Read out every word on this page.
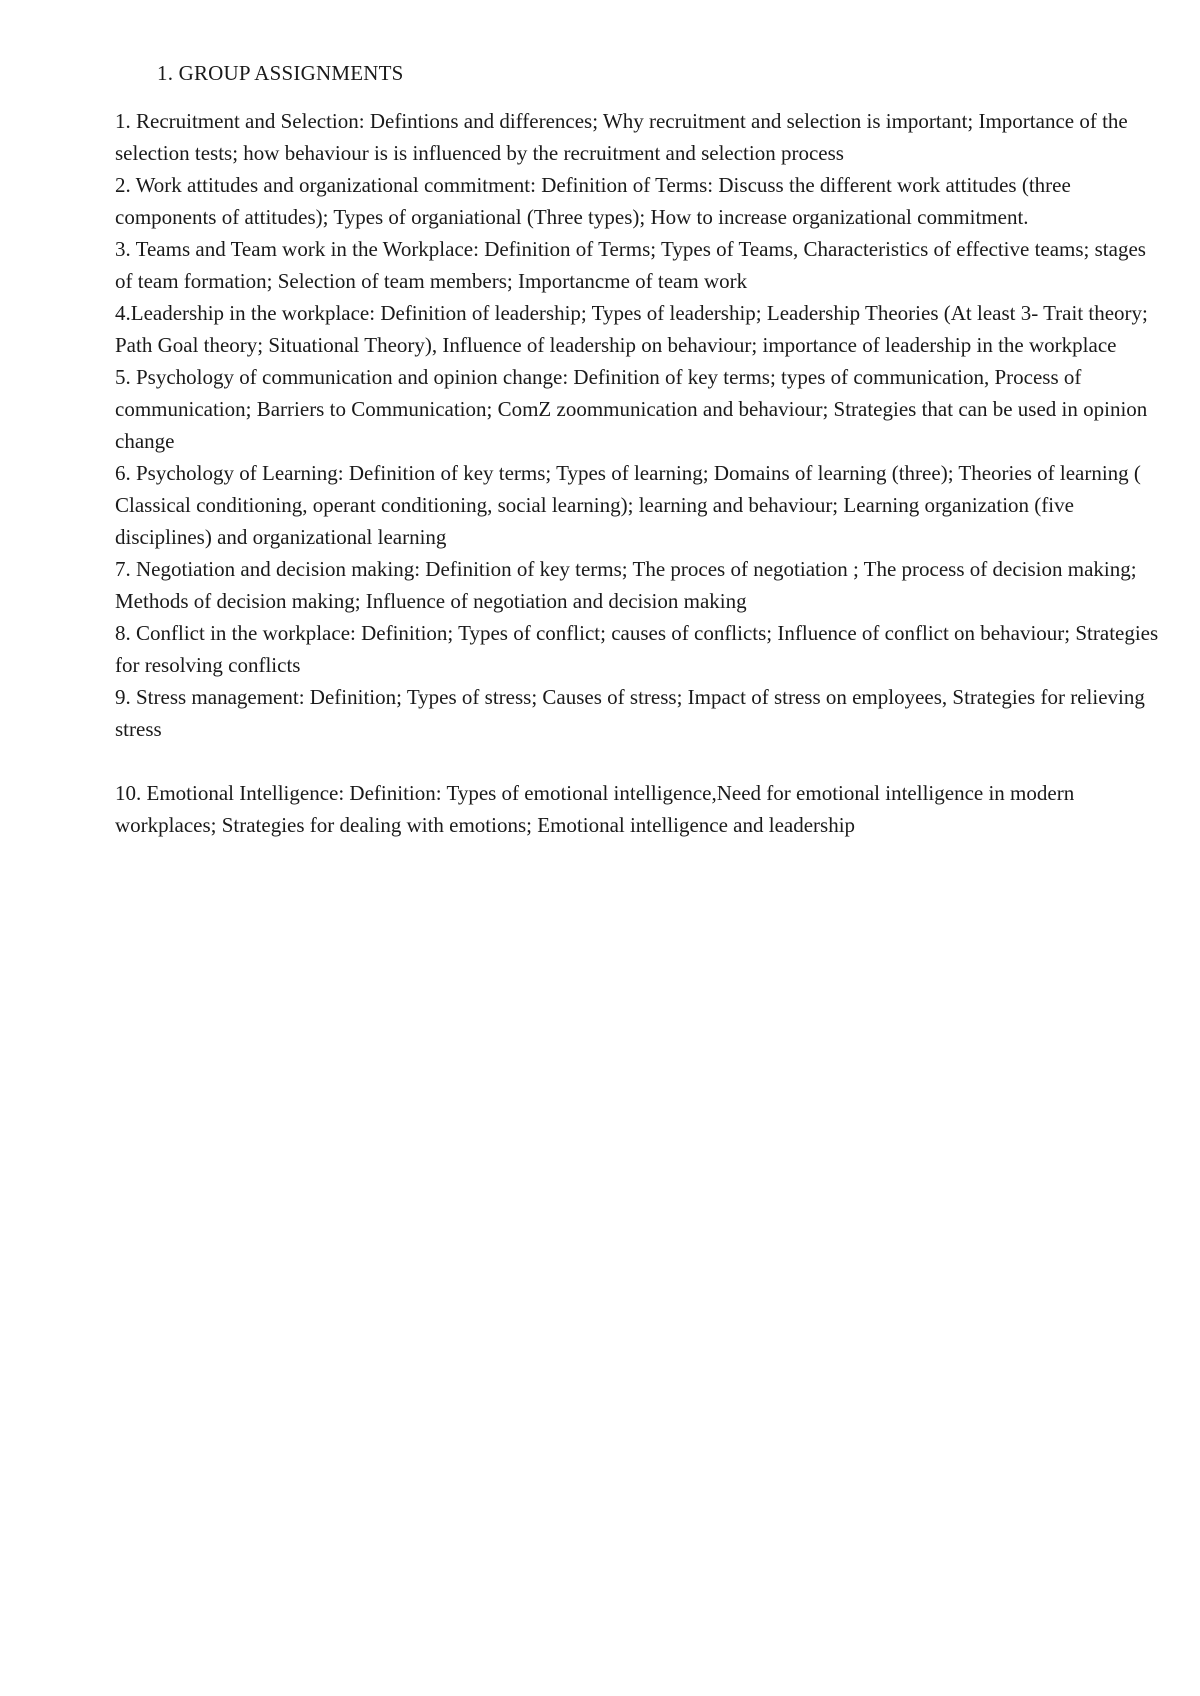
1. GROUP ASSIGNMENTS

1. Recruitment and Selection: Defintions and differences; Why recruitment and selection is important; Importance of the selection tests; how behaviour is is influenced by the recruitment and selection process

2. Work attitudes and organizational commitment: Definition of Terms: Discuss the different work attitudes (three components of attitudes); Types of organiational (Three types); How to increase organizational commitment.

3. Teams and Team work in the Workplace: Definition of Terms; Types of Teams, Characteristics of effective teams; stages of team formation; Selection of team members; Importancme of team work

4.Leadership in the workplace: Definition of leadership; Types of leadership; Leadership Theories (At least 3- Trait theory; Path Goal theory; Situational Theory), Influence of leadership on behaviour; importance of leadership in the workplace

5. Psychology of communication and opinion change: Definition of key terms; types of communication, Process of communication; Barriers to Communication; ComZ zoommunication and behaviour; Strategies that can be used in opinion change

6. Psychology of Learning: Definition of key terms; Types of learning; Domains of learning (three); Theories of learning ( Classical conditioning, operant conditioning, social learning); learning and behaviour; Learning organization (five disciplines) and organizational learning

7. Negotiation and decision making: Definition of key terms; The proces of negotiation ; The process of decision making; Methods of decision making; Influence of negotiation and decision making

8. Conflict in the workplace: Definition; Types of conflict; causes of conflicts; Influence of conflict on behaviour; Strategies for resolving conflicts

9. Stress management: Definition; Types of stress; Causes of stress; Impact of stress on employees, Strategies for relieving stress

10. Emotional Intelligence: Definition: Types of emotional intelligence,Need for emotional intelligence in modern workplaces; Strategies for dealing with emotions; Emotional intelligence and leadership
